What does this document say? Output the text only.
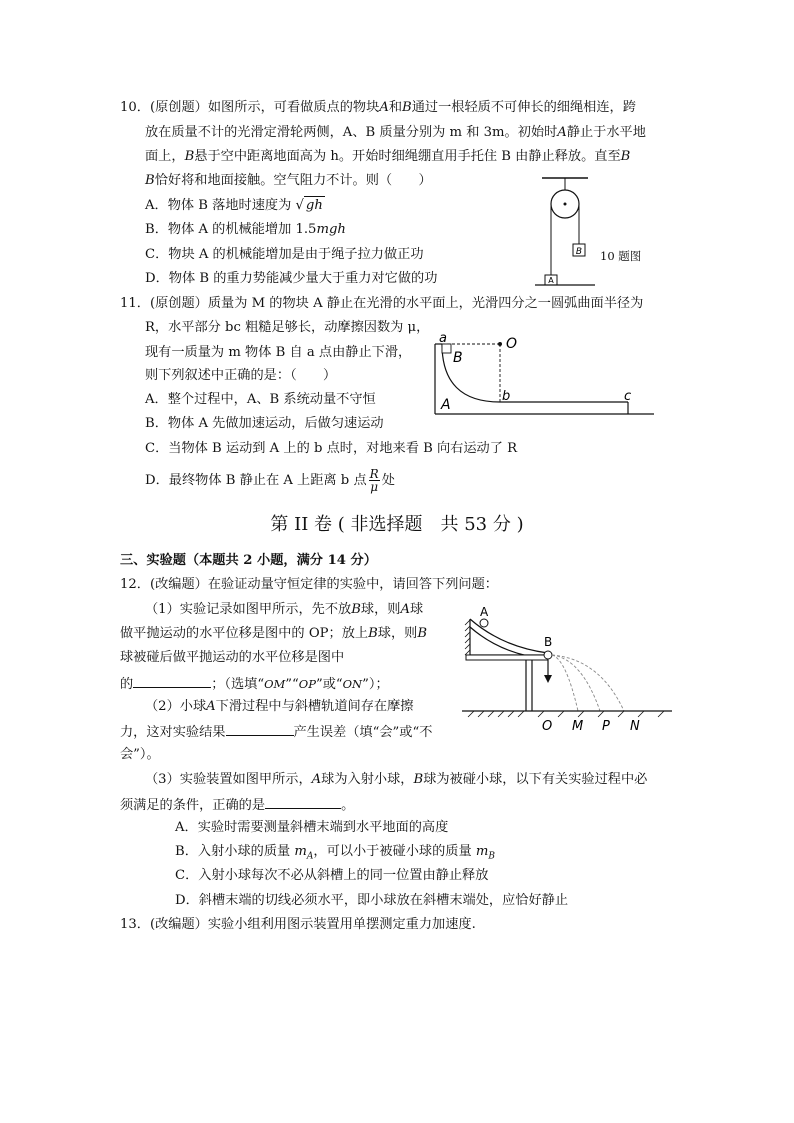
10．(原创题）如图所示，可看做质点的物块A和B通过一根轻质不可伸长的细绳相连，跨
放在质量不计的光滑定滑轮两侧，A、B 质量分别为 m 和 3m。初始时A静止于水平地
面上，B悬于空中距离地面高为 h。开始时细绳绷直用手托住 B 由静止释放。直至B
B恰好将和地面接触。空气阻力不计。则（　　）
A．物体 B 落地时速度为 √ gh
B．物体 A 的机械能增加 1.5mgh
C．物块 A 的机械能增加是由于绳子拉力做正功
D．物体 B 的重力势能减少量大于重力对它做的功
B
A
10 题图
11．(原创题）质量为 M 的物块 A 静止在光滑的水平面上，光滑四分之一圆弧曲面半径为
R，水平部分 bc 粗糙足够长，动摩擦因数为 μ，
现有一质量为 m 物体 B 自 a 点由静止下滑，
则下列叙述中正确的是：（　　）
A．整个过程中，A、B 系统动量不守恒
B．物体 A 先做加速运动，后做匀速运动
C．当物体 B 运动到 A 上的 b 点时，对地来看 B 向右运动了 R
D．最终物体 B 静止在 A 上距离 b 点 $\frac{R}{\mu}$ 处
a	O
B
A
b	c
第 II 卷 ( 非选择题　共 53 分 )
三、实验题（本题共 2 小题，满分 14 分）
12．(改编题）在验证动量守恒定律的实验中，请回答下列问题：
（1）实验记录如图甲所示，先不放B球，则A球
做平抛运动的水平位移是图中的 OP；放上B球，则B
球被碰后做平抛运动的水平位移是图中
的	；（选填“OM”“OP”或“ON”）；
（2）小球A下滑过程中与斜槽轨道间存在摩擦
力，这对实验结果	产生误差（填“会”或“不
会”）。
（3）实验装置如图甲所示，A球为入射小球，B球为被碰小球，以下有关实验过程中必
须满足的条件，正确的是	。
A．实验时需要测量斜槽末端到水平地面的高度
B．入射小球的质量 $m_A$，可以小于被碰小球的质量 $m_B$
C．入射小球每次不必从斜槽上的同一位置由静止释放
D．斜槽末端的切线必须水平，即小球放在斜槽末端处，应恰好静止
A
B
O M P N
13．(改编题）实验小组利用图示装置用单摆测定重力加速度.
